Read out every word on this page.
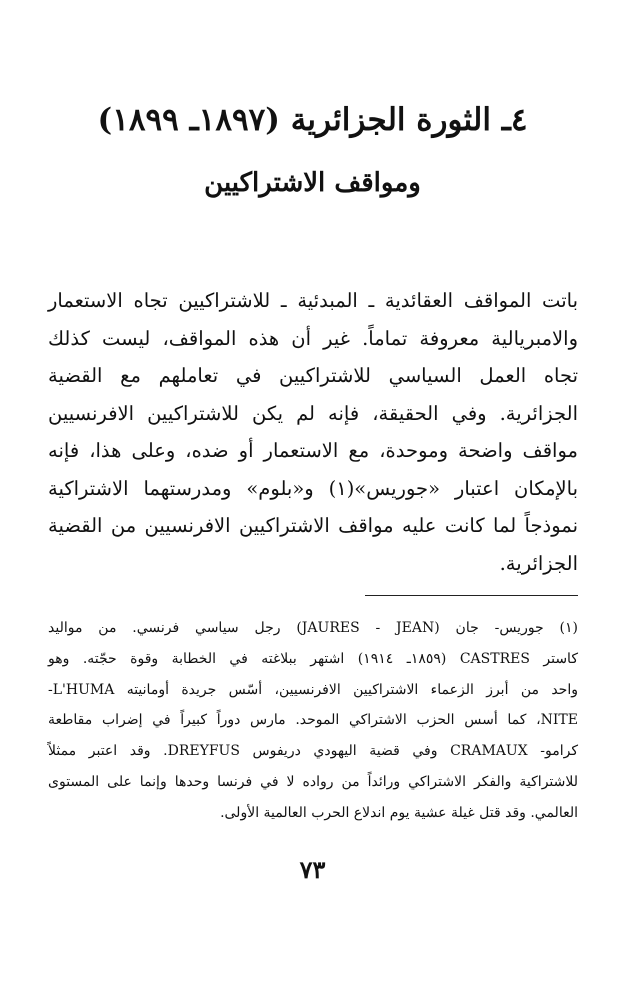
٤ـ الثورة الجزائرية (١٨٩٧ـ ١٨٩٩)
ومواقف الاشتراكيين
باتت المواقف العقائدية ـ المبدئية ـ للاشتراكيين تجاه الاستعمار
والامبريالية معروفة تماماً. غير أن هذه المواقف، ليست كذلك
تجاه العمل السياسي للاشتراكيين في تعاملهم مع القضية
الجزائرية. وفي الحقيقة، فإنه لم يكن للاشتراكيين الافرنسيين
مواقف واضحة وموحدة، مع الاستعمار أو ضده، وعلى هذا، فإنه
بالإمكان اعتبار «جوريس»(١) و«بلوم» ومدرستهما الاشتراكية
نموذجاً لما كانت عليه مواقف الاشتراكيين الافرنسيين من القضية
الجزائرية.
(١) جوريس- جان (JAURES - JEAN) رجل سياسي فرنسي. من مواليد
كاستر CASTRES (١٨٥٩ـ ١٩١٤) اشتهر ببلاغته في الخطابة وقوة حجّته. وهو
واحد من أبرز الزعماء الاشتراكيين الافرنسيين، أسّس جريدة أومانيته L'HUMA-
NITE، كما أسس الحزب الاشتراكي الموحد. مارس دوراً كبيراً في إضراب مقاطعة
كرامو- CRAMAUX وفي قضية اليهودي دريفوس DREYFUS. وقد اعتبر ممثلاً
للاشتراكية والفكر الاشتراكي ورائداً من رواده لا في فرنسا وحدها وإنما على المستوى
العالمي. وقد قتل غيلة عشية يوم اندلاع الحرب العالمية الأولى.
٧٣
